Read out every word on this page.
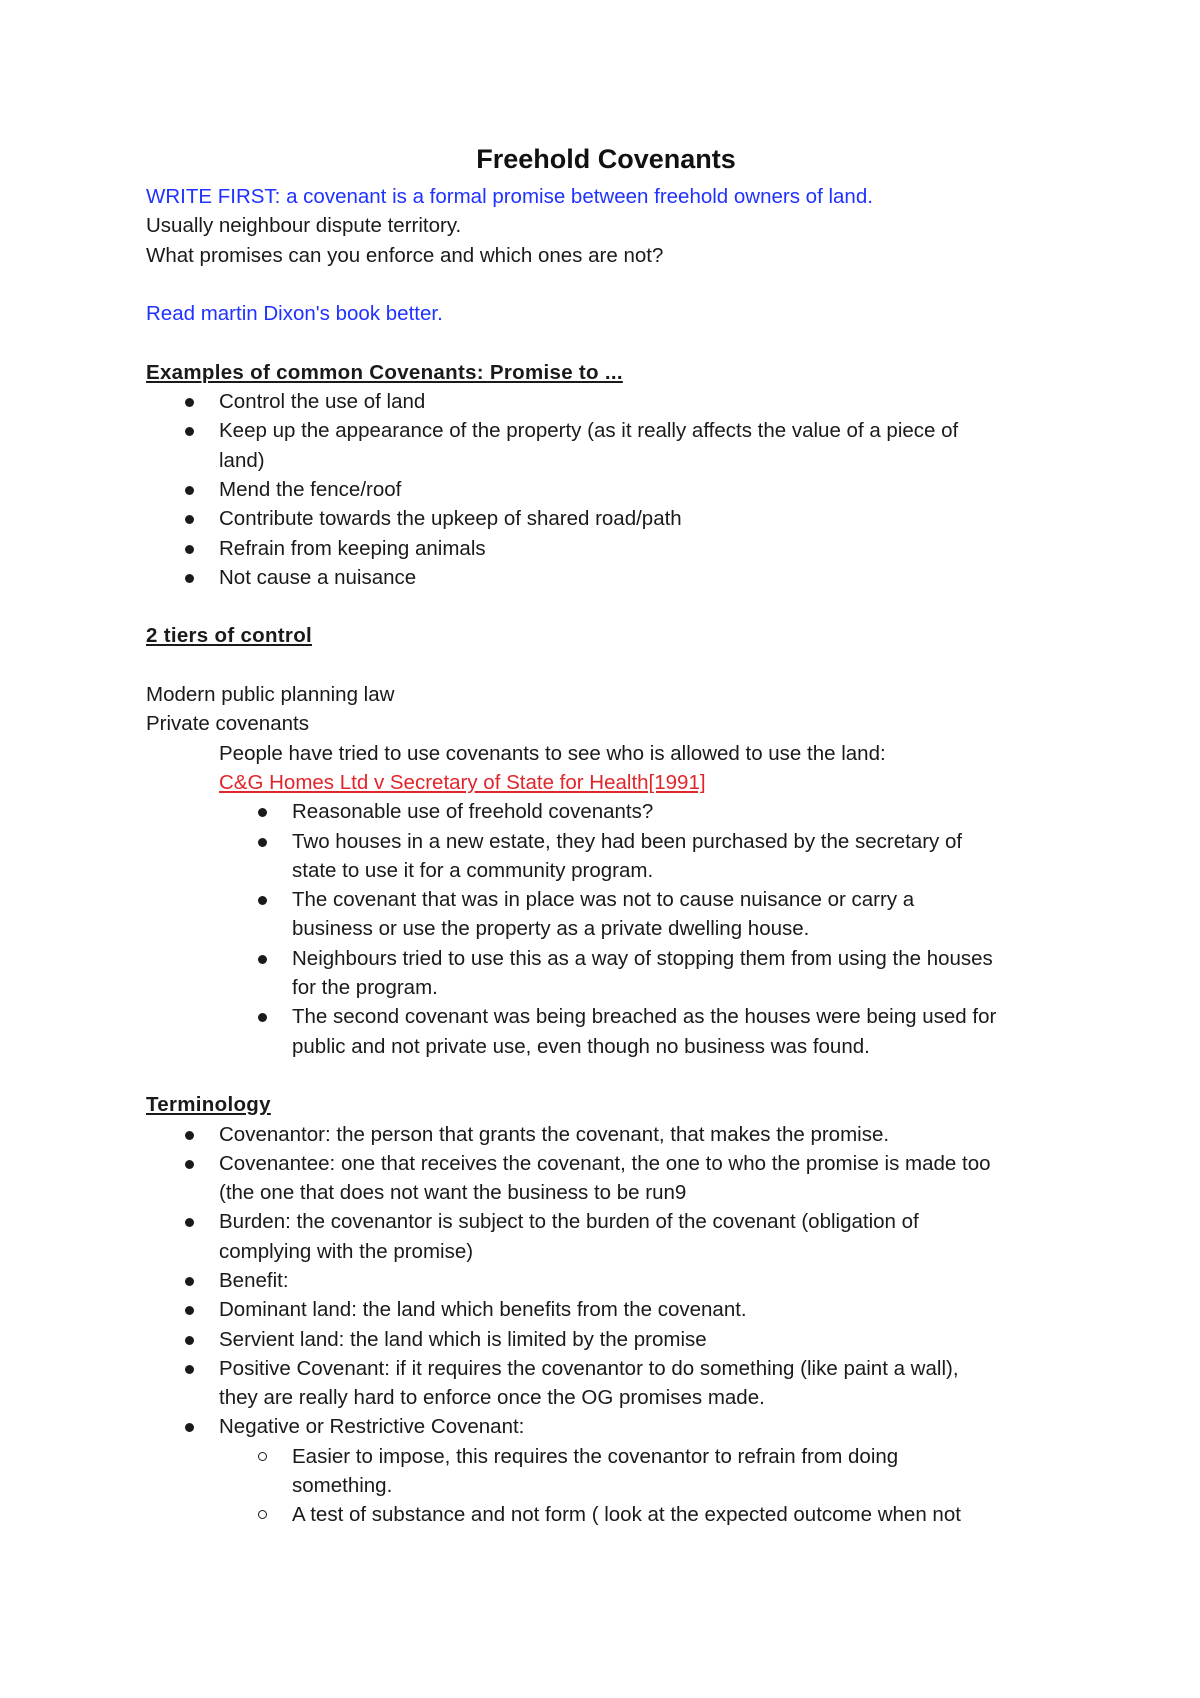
Freehold Covenants

WRITE FIRST: a covenant is a formal promise between freehold owners of land.

Usually neighbour dispute territory.

What promises can you enforce and which ones are not?

Read martin Dixon's book better.

Examples of common Covenants: Promise to ...

Control the use of land
Keep up the appearance of the property (as it really affects the value of a piece of
land)
Mend the fence/roof
Contribute towards the upkeep of shared road/path
Refrain from keeping animals
Not cause a nuisance

2 tiers of control

Modern public planning law

Private covenants

People have tried to use covenants to see who is allowed to use the land:

C&G Homes Ltd v Secretary of State for Health[1991]

Reasonable use of freehold covenants?
Two houses in a new estate, they had been purchased by the secretary of
state to use it for a community program.
The covenant that was in place was not to cause nuisance or carry a
business or use the property as a private dwelling house.
Neighbours tried to use this as a way of stopping them from using the houses
for the program.
The second covenant was being breached as the houses were being used for
public and not private use, even though no business was found.

Terminology

Covenantor: the person that grants the covenant, that makes the promise.
Covenantee: one that receives the covenant, the one to who the promise is made too
(the one that does not want the business to be run9
Burden: the covenantor is subject to the burden of the covenant (obligation of
complying with the promise)
Benefit:
Dominant land: the land which benefits from the covenant.
Servient land: the land which is limited by the promise
Positive Covenant: if it requires the covenantor to do something (like paint a wall),
they are really hard to enforce once the OG promises made.
Negative or Restrictive Covenant:
Easier to impose, this requires the covenantor to refrain from doing
something.
A test of substance and not form ( look at the expected outcome when not
